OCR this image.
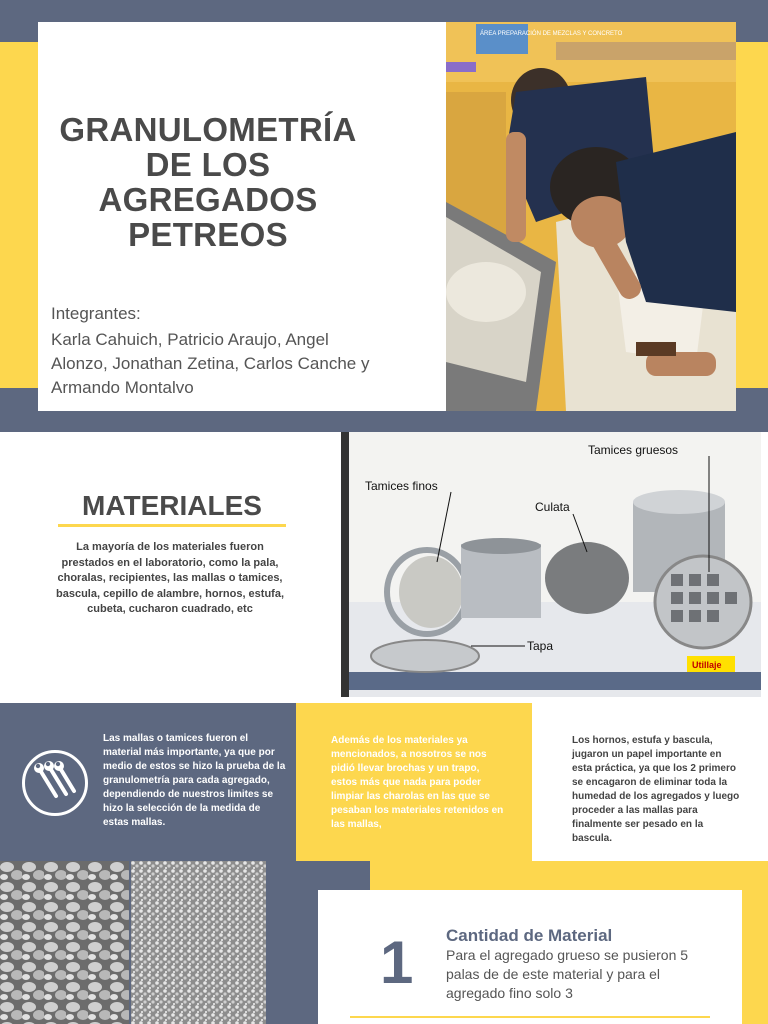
GRANULOMETRÍA DE LOS AGREGADOS PETREOS
Integrantes:
Karla Cahuich, Patricio Araujo, Angel Alonzo, Jonathan Zetina, Carlos Canche y Armando Montalvo
ÁREA PREPARACIÓN DE MEZCLAS Y CONCRETO
MATERIALES
La mayoría de los materiales fueron prestados en el laboratorio, como la pala, choralas, recipientes, las mallas o tamices, bascula, cepillo de alambre, hornos, estufa, cubeta, cucharon cuadrado, etc
Tamices finos
Tamices gruesos
Culata
Tapa
Utillaje
Las mallas o tamices fueron el material más importante, ya que por medio de estos se hizo la prueba de la granulometría para cada agregado, dependiendo de nuestros limites se hizo la selección de la medida de estas mallas.
Además de los materiales ya mencionados, a nosotros se nos pidió llevar brochas y un trapo, estos más que nada para poder limpiar las charolas en las que se pesaban los materiales retenidos en las mallas,
Los hornos, estufa y bascula, jugaron un papel importante en esta práctica, ya que los 2 primero se encagaron de eliminar toda la humedad de los agregados y luego proceder a las mallas para finalmente ser pesado en la bascula.
1 Cantidad de Material
Para el agregado grueso se pusieron 5 palas de de este material y para el agregado fino solo 3
